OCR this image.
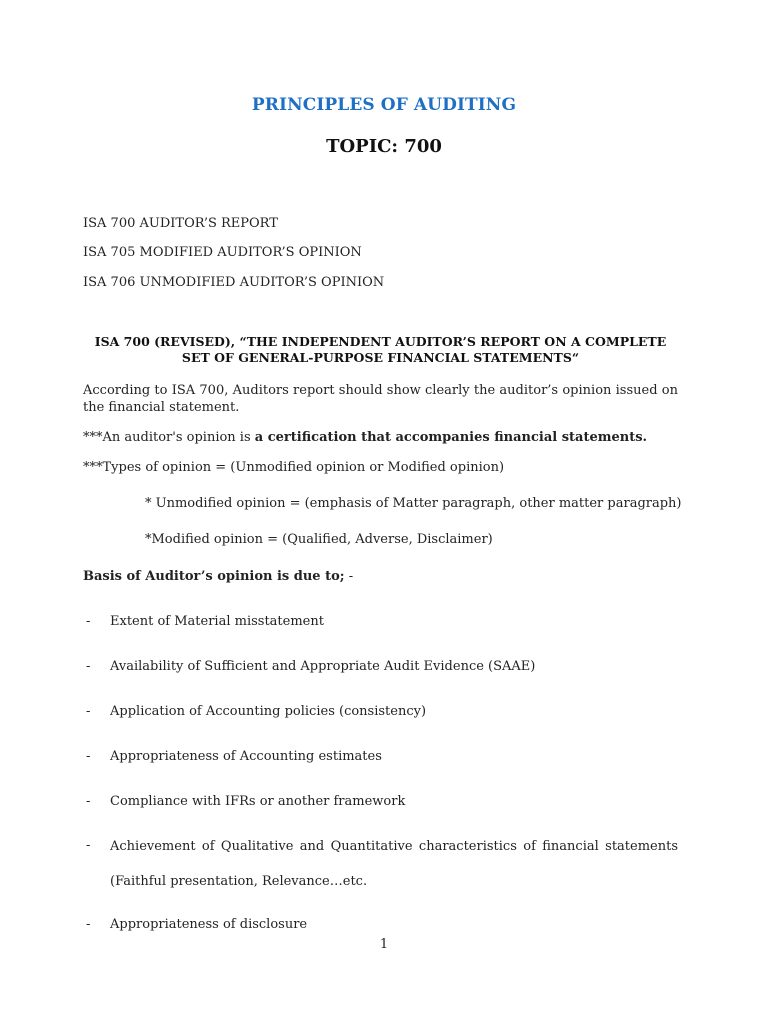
PRINCIPLES OF AUDITING
TOPIC: 700
ISA 700 AUDITOR’S REPORT
ISA 705 MODIFIED AUDITOR’S OPINION
ISA 706 UNMODIFIED AUDITOR’S OPINION
ISA 700 (REVISED), “THE INDEPENDENT AUDITOR’S REPORT ON A COMPLETE SET OF GENERAL-PURPOSE FINANCIAL STATEMENTS“
According to ISA 700, Auditors report should show clearly the auditor’s opinion issued on the financial statement.
***An auditor's opinion is a certification that accompanies financial statements.
***Types of opinion = (Unmodified opinion or Modified opinion)
* Unmodified opinion = (emphasis of Matter paragraph, other matter paragraph)
*Modified opinion = (Qualified, Adverse, Disclaimer)
Basis of Auditor’s opinion is due to; -
- Extent of Material misstatement
- Availability of Sufficient and Appropriate Audit Evidence (SAAE)
- Application of Accounting policies (consistency)
- Appropriateness of Accounting estimates
- Compliance with IFRs or another framework
- Achievement of Qualitative and Quantitative characteristics of financial statements (Faithful presentation, Relevance…etc.
- Appropriateness of disclosure
1
